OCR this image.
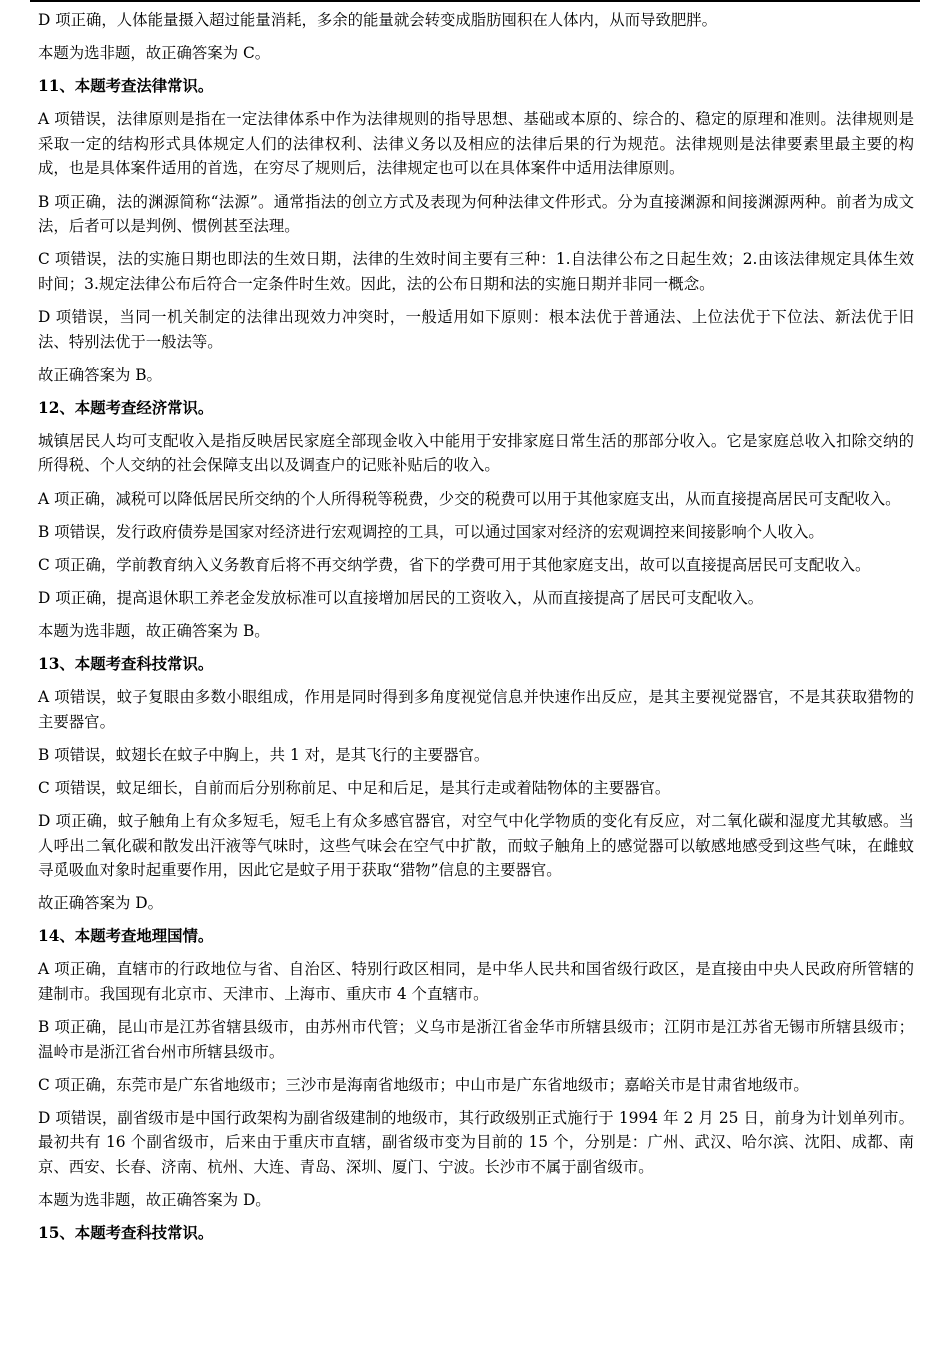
D 项正确，人体能量摄入超过能量消耗，多余的能量就会转变成脂肪囤积在人体内，从而导致肥胖。

本题为选非题，故正确答案为 C。

11、本题考查法律常识。

A 项错误，法律原则是指在一定法律体系中作为法律规则的指导思想、基础或本原的、综合的、稳定的原理和准则。法律规则是采取一定的结构形式具体规定人们的法律权利、法律义务以及相应的法律后果的行为规范。法律规则是法律要素里最主要的构成，也是具体案件适用的首选，在穷尽了规则后，法律规定也可以在具体案件中适用法律原则。

B 项正确，法的渊源简称“法源”。通常指法的创立方式及表现为何种法律文件形式。分为直接渊源和间接渊源两种。前者为成文法，后者可以是判例、惯例甚至法理。

C 项错误，法的实施日期也即法的生效日期，法律的生效时间主要有三种：1.自法律公布之日起生效；2.由该法律规定具体生效时间；3.规定法律公布后符合一定条件时生效。因此，法的公布日期和法的实施日期并非同一概念。

D 项错误，当同一机关制定的法律出现效力冲突时，一般适用如下原则：根本法优于普通法、上位法优于下位法、新法优于旧法、特别法优于一般法等。

故正确答案为 B。

12、本题考查经济常识。

城镇居民人均可支配收入是指反映居民家庭全部现金收入中能用于安排家庭日常生活的那部分收入。它是家庭总收入扣除交纳的所得税、个人交纳的社会保障支出以及调查户的记账补贴后的收入。

A 项正确，减税可以降低居民所交纳的个人所得税等税费，少交的税费可以用于其他家庭支出，从而直接提高居民可支配收入。

B 项错误，发行政府债券是国家对经济进行宏观调控的工具，可以通过国家对经济的宏观调控来间接影响个人收入。

C 项正确，学前教育纳入义务教育后将不再交纳学费，省下的学费可用于其他家庭支出，故可以直接提高居民可支配收入。

D 项正确，提高退休职工养老金发放标准可以直接增加居民的工资收入，从而直接提高了居民可支配收入。

本题为选非题，故正确答案为 B。

13、本题考查科技常识。

A 项错误，蚊子复眼由多数小眼组成，作用是同时得到多角度视觉信息并快速作出反应，是其主要视觉器官，不是其获取猎物的主要器官。

B 项错误，蚊翅长在蚊子中胸上，共 1 对，是其飞行的主要器官。

C 项错误，蚊足细长，自前而后分别称前足、中足和后足，是其行走或着陆物体的主要器官。

D 项正确，蚊子触角上有众多短毛，短毛上有众多感官器官，对空气中化学物质的变化有反应，对二氧化碳和湿度尤其敏感。当人呼出二氧化碳和散发出汗液等气味时，这些气味会在空气中扩散，而蚊子触角上的感觉器可以敏感地感受到这些气味，在雌蚊寻觅吸血对象时起重要作用，因此它是蚊子用于获取“猎物”信息的主要器官。

故正确答案为 D。

14、本题考查地理国情。

A 项正确，直辖市的行政地位与省、自治区、特别行政区相同，是中华人民共和国省级行政区，是直接由中央人民政府所管辖的建制市。我国现有北京市、天津市、上海市、重庆市 4 个直辖市。

B 项正确，昆山市是江苏省辖县级市，由苏州市代管；义乌市是浙江省金华市所辖县级市；江阴市是江苏省无锡市所辖县级市；温岭市是浙江省台州市所辖县级市。

C 项正确，东莞市是广东省地级市；三沙市是海南省地级市；中山市是广东省地级市；嘉峪关市是甘肃省地级市。

D 项错误，副省级市是中国行政架构为副省级建制的地级市，其行政级别正式施行于 1994 年 2 月 25 日，前身为计划单列市。最初共有 16 个副省级市，后来由于重庆市直辖，副省级市变为目前的 15 个，分别是：广州、武汉、哈尔滨、沈阳、成都、南京、西安、长春、济南、杭州、大连、青岛、深圳、厦门、宁波。长沙市不属于副省级市。

本题为选非题，故正确答案为 D。

15、本题考查科技常识。
